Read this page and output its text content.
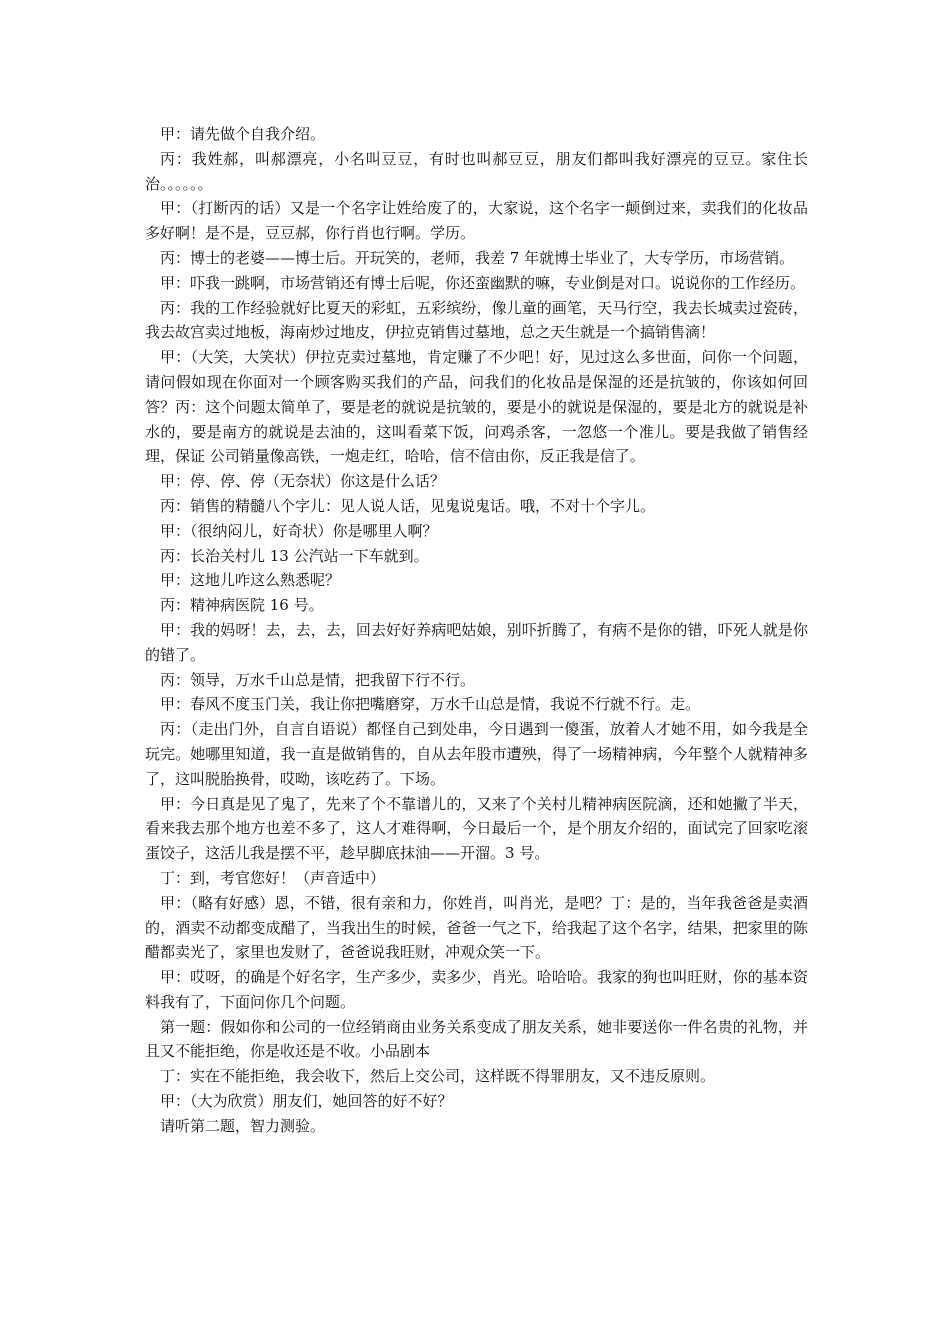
甲：请先做个自我介绍。

丙：我姓郝，叫郝漂亮，小名叫豆豆，有时也叫郝豆豆，朋友们都叫我好漂亮的豆豆。家住长治。。。。。。

甲：（打断丙的话）又是一个名字让姓给废了的，大家说，这个名字一颠倒过来，卖我们的化妆品多好啊！是不是，豆豆郝，你行肖也行啊。学历。

丙：博士的老婆——博士后。开玩笑的，老师，我差 7 年就博士毕业了，大专学历，市场营销。

甲：吓我一跳啊，市场营销还有博士后呢，你还蛮幽默的嘛，专业倒是对口。说说你的工作经历。

丙：我的工作经验就好比夏天的彩虹，五彩缤纷，像儿童的画笔，天马行空，我去长城卖过瓷砖，我去故宫卖过地板，海南炒过地皮，伊拉克销售过墓地，总之天生就是一个搞销售滴！

甲：（大笑，大笑状）伊拉克卖过墓地，肯定赚了不少吧！好，见过这么多世面，问你一个问题，请问假如现在你面对一个顾客购买我们的产品，问我们的化妆品是保湿的还是抗皱的，你该如何回答？丙：这个问题太简单了，要是老的就说是抗皱的，要是小的就说是保湿的，要是北方的就说是补水的，要是南方的就说是去油的，这叫看菜下饭，问鸡杀客，一忽悠一个准儿。要是我做了销售经理，保证 公司销量像高铁，一炮走红，哈哈，信不信由你，反正我是信了。

甲：停、停、停（无奈状）你这是什么话？

丙：销售的精髓八个字儿：见人说人话，见鬼说鬼话。哦，不对十个字儿。

甲：（很纳闷儿，好奇状）你是哪里人啊？

丙：长治关村儿 13 公汽站一下车就到。

甲：这地儿咋这么熟悉呢？

丙：精神病医院 16 号。

甲：我的妈呀！去，去，去，回去好好养病吧姑娘，别吓折腾了，有病不是你的错，吓死人就是你的错了。

丙：领导，万水千山总是情，把我留下行不行。

甲：春风不度玉门关，我让你把嘴磨穿，万水千山总是情，我说不行就不行。走。

丙：（走出门外，自言自语说）都怪自己到处串，今日遇到一傻蛋，放着人才她不用，如今我是全玩完。她哪里知道，我一直是做销售的，自从去年股市遭殃，得了一场精神病，今年整个人就精神多了，这叫脱胎换骨，哎呦，该吃药了。下场。

甲：今日真是见了鬼了，先来了个不靠谱儿的，又来了个关村儿精神病医院滴，还和她撇了半天，看来我去那个地方也差不多了，这人才难得啊，今日最后一个，是个朋友介绍的，面试完了回家吃滚蛋饺子，这活儿我是摆不平，趁早脚底抹油——开溜。3 号。

丁：到，考官您好！（声音适中）

甲：（略有好感）恩，不错，很有亲和力，你姓肖，叫肖光，是吧？丁：是的，当年我爸爸是卖酒的，酒卖不动都变成醋了，当我出生的时候，爸爸一气之下，给我起了这个名字，结果，把家里的陈醋都卖光了，家里也发财了，爸爸说我旺财，冲观众笑一下。

甲：哎呀，的确是个好名字，生产多少，卖多少，肖光。哈哈哈。我家的狗也叫旺财，你的基本资料我有了，下面问你几个问题。

第一题：假如你和公司的一位经销商由业务关系变成了朋友关系，她非要送你一件名贵的礼物，并且又不能拒绝，你是收还是不收。小品剧本

丁：实在不能拒绝，我会收下，然后上交公司，这样既不得罪朋友，又不违反原则。

甲：（大为欣赏）朋友们，她回答的好不好？

请听第二题，智力测验。
